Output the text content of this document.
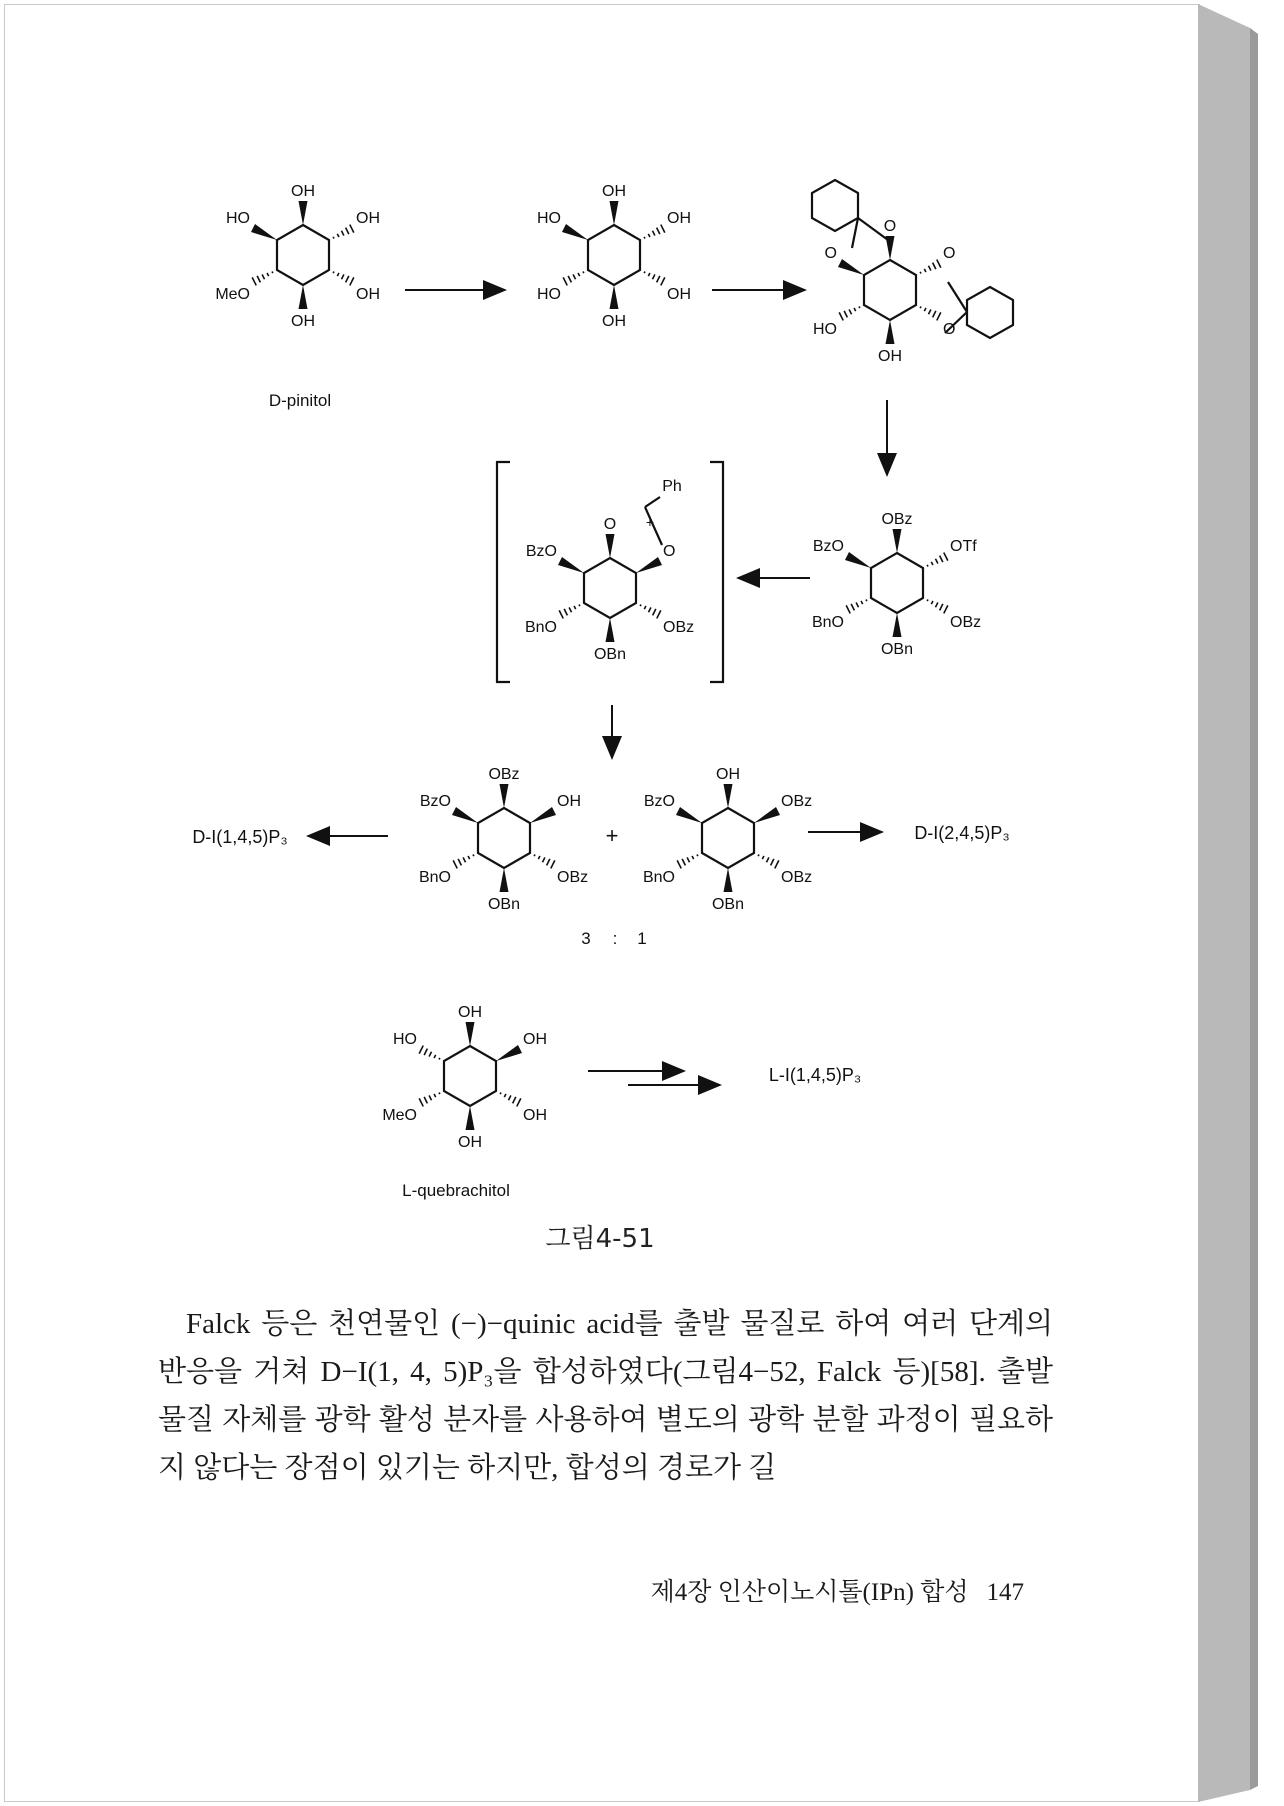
OH
OH
OH
OH
MeO
HO
D-pinitol
OH
OH
OH
OH
HO
HO	O
O
O
OH
HO
O
OBz
OTf
OBz
OBn
BnO
BzO
O
O
OBz
OBn
BnO
BzO
Ph
+
OBz
OH
OBz
OBn
BnO
BzO
+
OH
OBz
OBz
OBn
BnO
BzO
D-I(1,4,5)P₃	D-I(2,4,5)P₃
3 : 1
OH
OH
OH
OH
MeO
HO
L-quebrachitol
L-I(1,4,5)P₃

그림4-51

Falck 등은 천연물인 (−)−quinic acid를 출발 물질로 하여 여러 단계의 반응을 거쳐 D−I(1, 4, 5)P₃을 합성하였다(그림4−52, Falck 등)[58]. 출발 물질 자체를 광학 활성 분자를 사용하여 별도의 광학 분할 과정이 필요하지 않다는 장점이 있기는 하지만, 합성의 경로가 길

제4장 인산이노시톨(IPn) 합성 147
